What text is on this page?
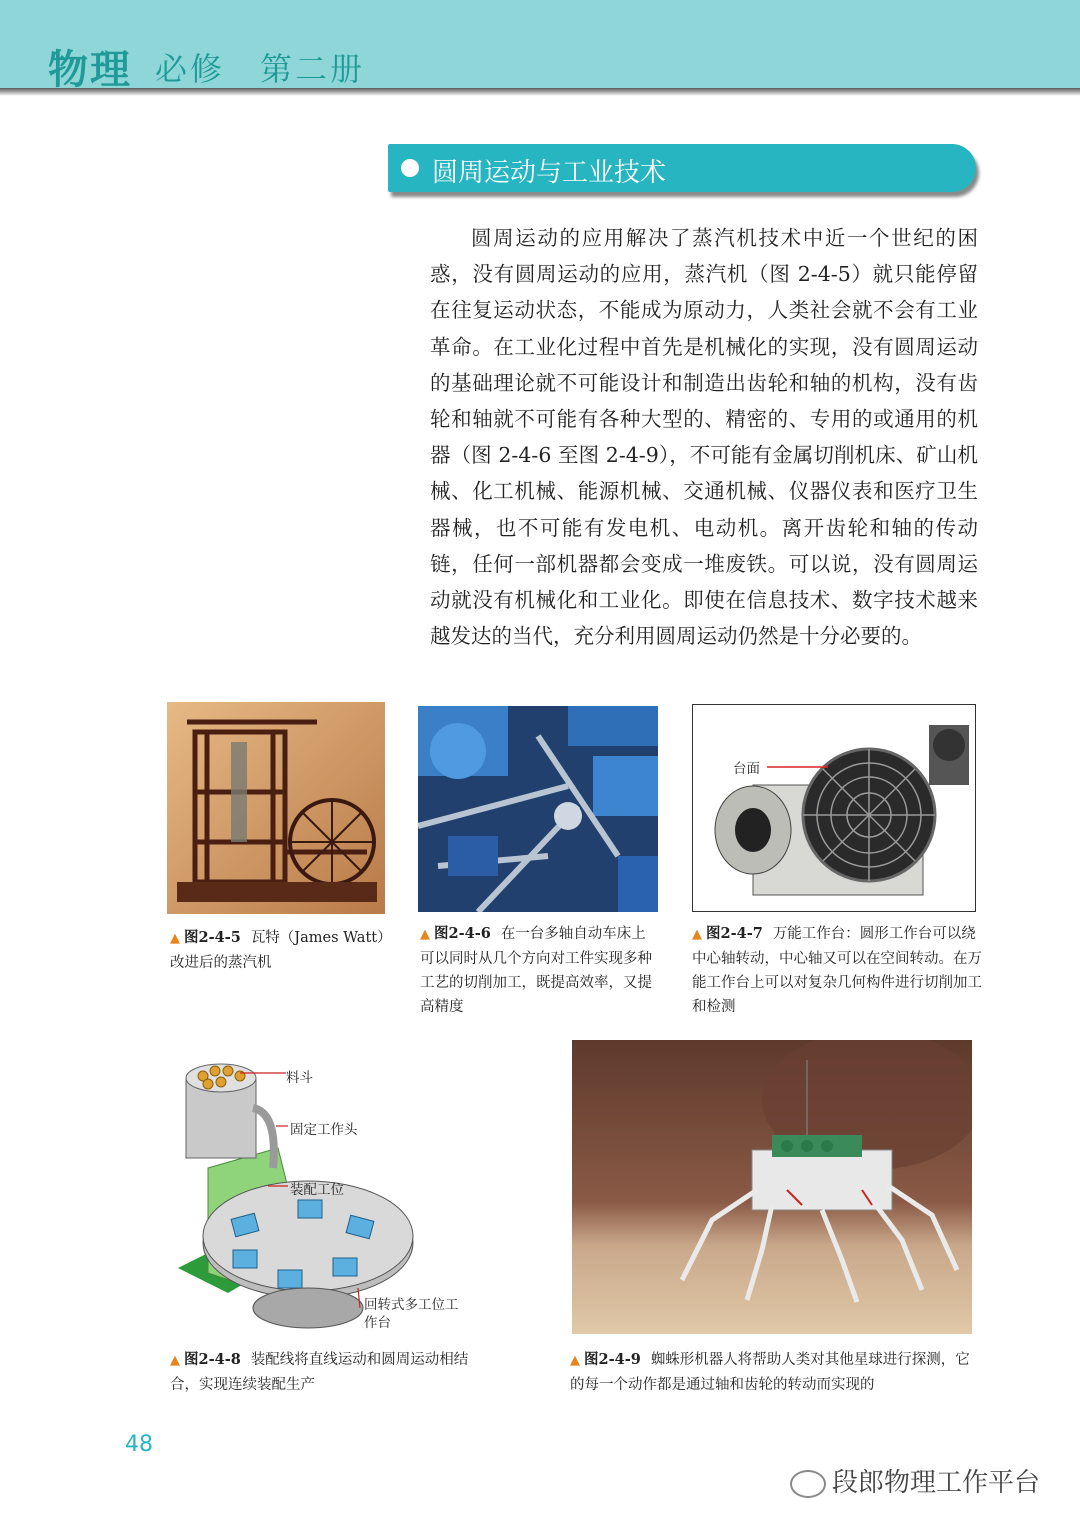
物理 必修 第二册
圆周运动与工业技术
圆周运动的应用解决了蒸汽机技术中近一个世纪的困惑，没有圆周运动的应用，蒸汽机（图 2-4-5）就只能停留在往复运动状态，不能成为原动力，人类社会就不会有工业革命。在工业化过程中首先是机械化的实现，没有圆周运动的基础理论就不可能设计和制造出齿轮和轴的机构，没有齿轮和轴就不可能有各种大型的、精密的、专用的或通用的机器（图 2-4-6 至图 2-4-9），不可能有金属切削机床、矿山机械、化工机械、能源机械、交通机械、仪器仪表和医疗卫生器械，也不可能有发电机、电动机。离开齿轮和轴的传动链，任何一部机器都会变成一堆废铁。可以说，没有圆周运动就没有机械化和工业化。即使在信息技术、数字技术越来越发达的当代，充分利用圆周运动仍然是十分必要的。
▲ 图2-4-5 瓦特（James Watt）改进后的蒸汽机
▲ 图2-4-6 在一台多轴自动车床上可以同时从几个方向对工件实现多种工艺的切削加工，既提高效率，又提高精度
台面
▲ 图2-4-7 万能工作台：圆形工作台可以绕中心轴转动，中心轴又可以在空间转动。在万能工作台上可以对复杂几何构件进行切削加工和检测
料斗
固定工作头
装配工位
回转式多工位工作台
▲ 图2-4-8 装配线将直线运动和圆周运动相结合，实现连续装配生产
▲ 图2-4-9 蜘蛛形机器人将帮助人类对其他星球进行探测，它的每一个动作都是通过轴和齿轮的转动而实现的
48
段郎物理工作平台
